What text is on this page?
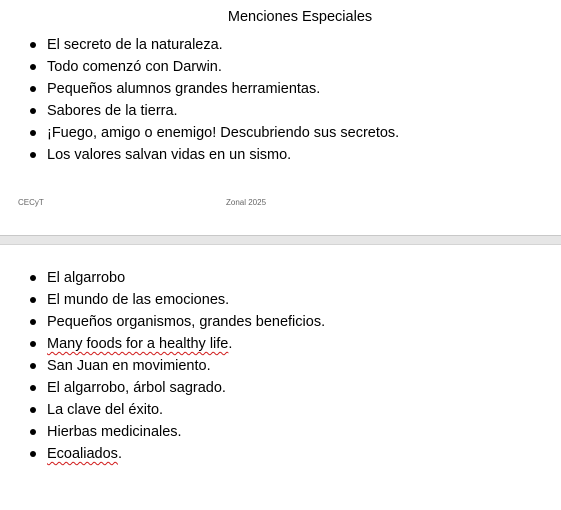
Menciones Especiales
El secreto de la naturaleza.
Todo comenzó con Darwin.
Pequeños alumnos grandes herramientas.
Sabores de la tierra.
¡Fuego, amigo o enemigo! Descubriendo sus secretos.
Los valores salvan vidas en un sismo.
CECyT	Zonal 2025
El algarrobo
El mundo de las emociones.
Pequeños organismos, grandes beneficios.
Many foods for a healthy life.
San Juan en movimiento.
El algarrobo, árbol sagrado.
La clave del éxito.
Hierbas medicinales.
Ecoaliados.
